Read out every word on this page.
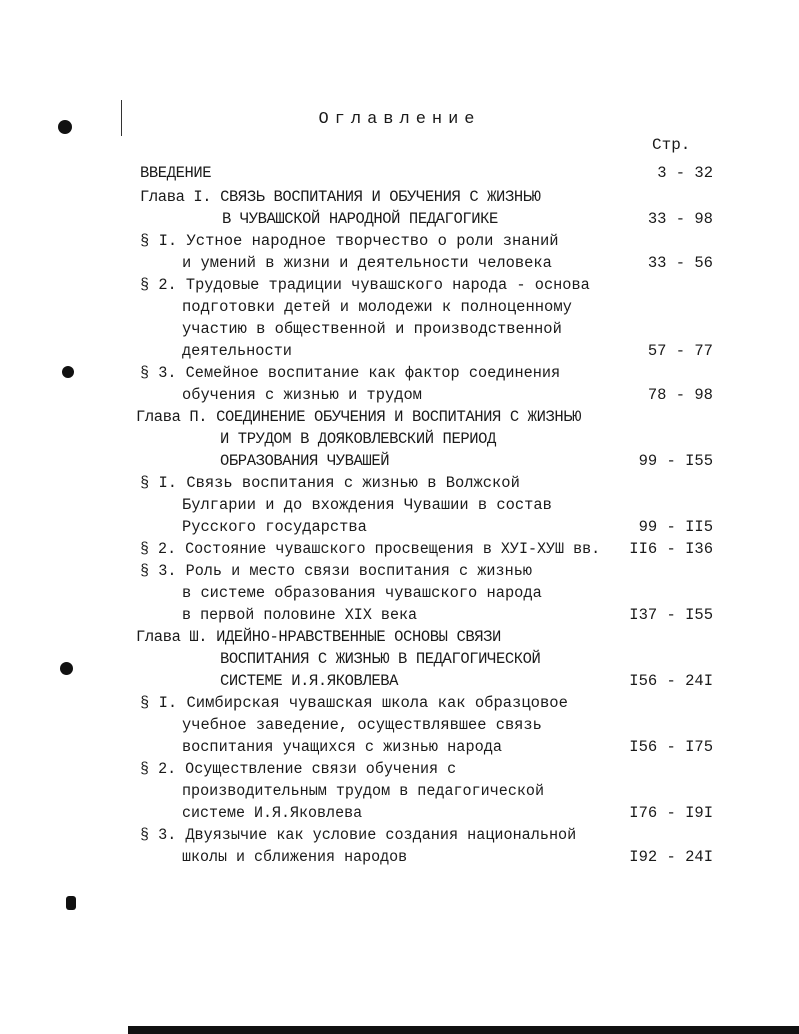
Оглавление
Стр.
ВВЕДЕНИЕ	3 - 32
Глава I. СВЯЗЬ ВОСПИТАНИЯ И ОБУЧЕНИЯ С ЖИЗНЬЮ
В ЧУВАШСКОЙ НАРОДНОЙ ПЕДАГОГИКЕ	33 - 98
§ I. Устное народное творчество о роли знаний
и умений в жизни и деятельности человека	33 - 56
§ 2. Трудовые традиции чувашского народа - основа
подготовки детей и молодежи к полноценному
участию в общественной и производственной
деятельности	57 - 77
§ 3. Семейное воспитание как фактор соединения
обучения с жизнью и трудом	78 - 98
Глава П. СОЕДИНЕНИЕ ОБУЧЕНИЯ И ВОСПИТАНИЯ С ЖИЗНЬЮ
И ТРУДОМ В ДОЯКОВЛЕВСКИЙ ПЕРИОД
ОБРАЗОВАНИЯ ЧУВАШЕЙ	99 - I55
§ I. Связь воспитания с жизнью в Волжской
Булгарии и до вхождения Чувашии в состав
Русского государства	99 - II5
§ 2. Состояние чувашского просвещения в ХУI-ХУШ вв. II6 - I36
§ 3. Роль и место связи воспитания с жизнью
в системе образования чувашского народа
в первой половине XIX века	I37 - I55
Глава Ш. ИДЕЙНО-НРАВСТВЕННЫЕ ОСНОВЫ СВЯЗИ
ВОСПИТАНИЯ С ЖИЗНЬЮ В ПЕДАГОГИЧЕСКОЙ
СИСТЕМЕ И.Я.ЯКОВЛЕВА	I56 - 24I
§ I. Симбирская чувашская школа как образцовое
учебное заведение, осуществлявшее связь
воспитания учащихся с жизнью народа	I56 - I75
§ 2. Осуществление связи обучения с
производительным трудом в педагогической
системе И.Я.Яковлева	I76 - I9I
§ 3. Двуязычие как условие создания национальной
школы и сближения народов	I92 - 24I
